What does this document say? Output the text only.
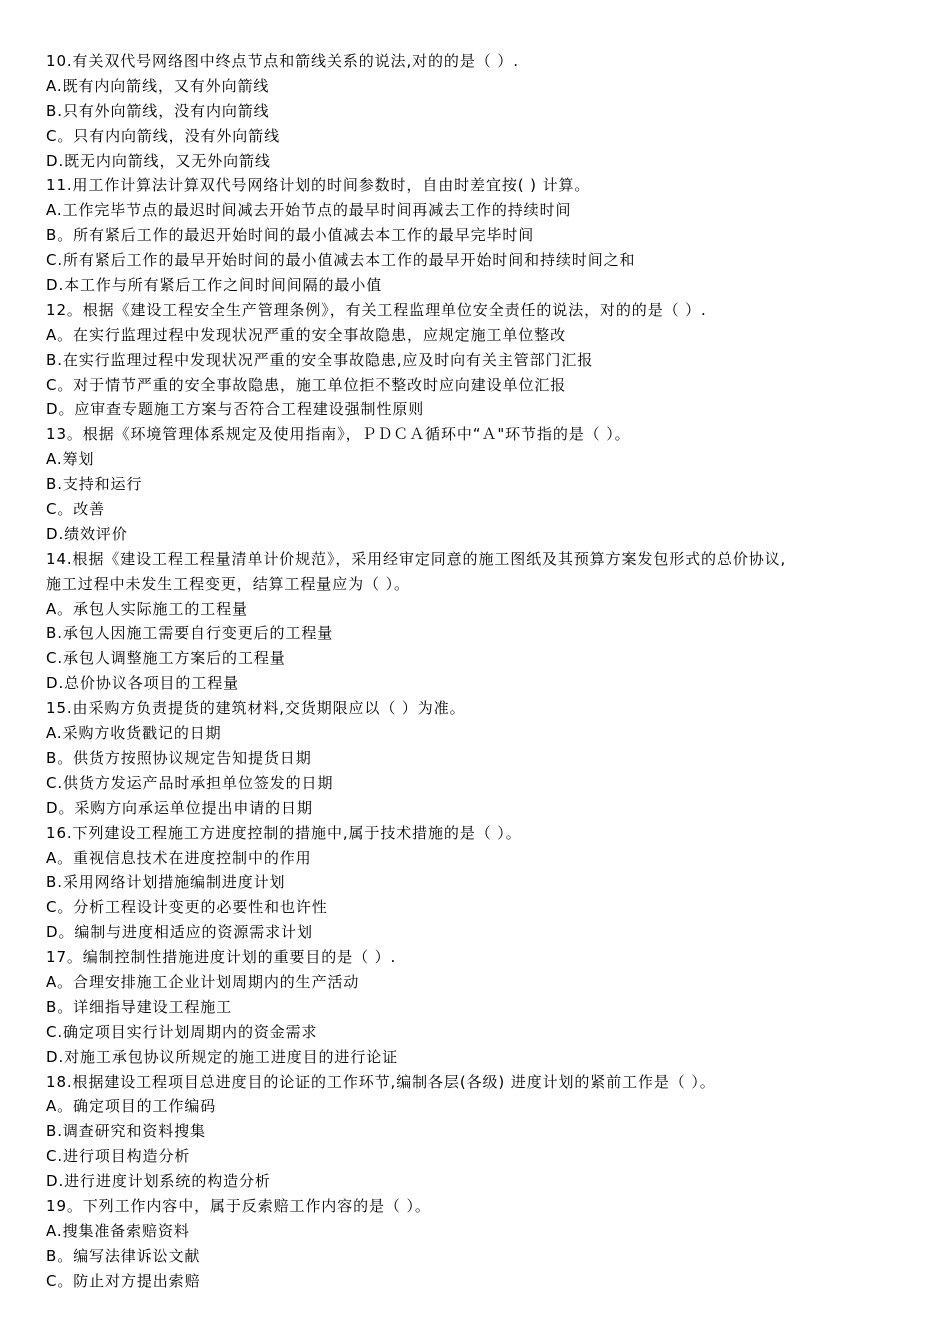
10.有关双代号网络图中终点节点和箭线关系的说法,对的的是（ ）.
A.既有内向箭线，又有外向箭线
B.只有外向箭线，没有内向箭线
C。只有内向箭线，没有外向箭线
D.既无内向箭线，又无外向箭线
11.用工作计算法计算双代号网络计划的时间参数时，自由时差宜按( ) 计算。
A.工作完毕节点的最迟时间减去开始节点的最早时间再减去工作的持续时间
B。所有紧后工作的最迟开始时间的最小值减去本工作的最早完毕时间
C.所有紧后工作的最早开始时间的最小值减去本工作的最早开始时间和持续时间之和
D.本工作与所有紧后工作之间时间间隔的最小值
12。根据《建设工程安全生产管理条例》，有关工程监理单位安全责任的说法，对的的是（ ）.
A。在实行监理过程中发现状况严重的安全事故隐患，应规定施工单位整改
B.在实行监理过程中发现状况严重的安全事故隐患,应及时向有关主管部门汇报
C。对于情节严重的安全事故隐患，施工单位拒不整改时应向建设单位汇报
D。应审查专题施工方案与否符合工程建设强制性原则
13。根据《环境管理体系规定及使用指南》，ＰＤＣＡ循环中“Ａ"环节指的是（ ）。
A.筹划
B.支持和运行
C。改善
D.绩效评价
14.根据《建设工程工程量清单计价规范》，采用经审定同意的施工图纸及其预算方案发包形式的总价协议,
施工过程中未发生工程变更，结算工程量应为（ ）。
A。承包人实际施工的工程量
B.承包人因施工需要自行变更后的工程量
C.承包人调整施工方案后的工程量
D.总价协议各项目的工程量
15.由采购方负责提货的建筑材料,交货期限应以（ ）为准。
A.采购方收货戳记的日期
B。供货方按照协议规定告知提货日期
C.供货方发运产品时承担单位签发的日期
D。采购方向承运单位提出申请的日期
16.下列建设工程施工方进度控制的措施中,属于技术措施的是（ ）。
A。重视信息技术在进度控制中的作用
B.采用网络计划措施编制进度计划
C。分析工程设计变更的必要性和也许性
D。编制与进度相适应的资源需求计划
17。编制控制性措施进度计划的重要目的是（ ）.
A。合理安排施工企业计划周期内的生产活动
B。详细指导建设工程施工
C.确定项目实行计划周期内的资金需求
D.对施工承包协议所规定的施工进度目的进行论证
18.根据建设工程项目总进度目的论证的工作环节,编制各层(各级) 进度计划的紧前工作是（ ）。
A。确定项目的工作编码
B.调查研究和资料搜集
C.进行项目构造分析
D.进行进度计划系统的构造分析
19。下列工作内容中，属于反索赔工作内容的是（ ）。
A.搜集准备索赔资料
B。编写法律诉讼文献
C。防止对方提出索赔
